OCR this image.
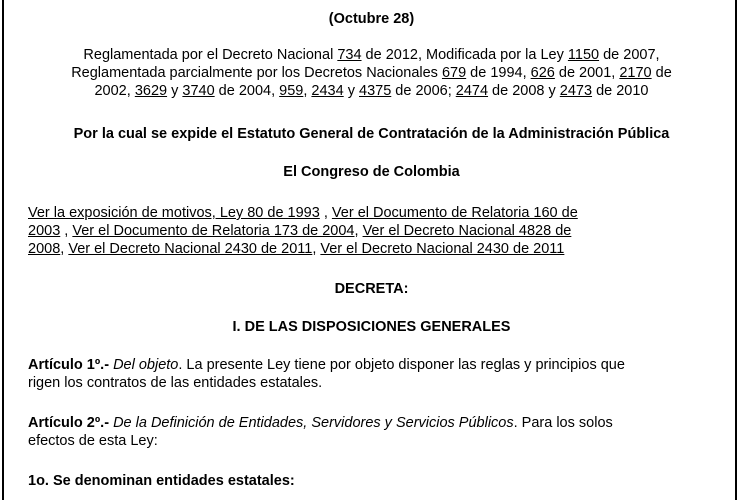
(Octubre 28)
Reglamentada por el Decreto Nacional 734 de 2012, Modificada por la Ley 1150 de 2007,
Reglamentada parcialmente por los Decretos Nacionales 679 de 1994, 626 de 2001, 2170 de
2002, 3629 y 3740 de 2004, 959, 2434 y 4375 de 2006; 2474 de 2008 y 2473 de 2010
Por la cual se expide el Estatuto General de Contratación de la Administración Pública
El Congreso de Colombia
Ver la exposición de motivos, Ley 80 de 1993 , Ver el Documento de Relatoria 160 de
2003 , Ver el Documento de Relatoria 173 de 2004, Ver el Decreto Nacional 4828 de
2008, Ver el Decreto Nacional 2430 de 2011, Ver el Decreto Nacional 2430 de 2011
DECRETA:
I. DE LAS DISPOSICIONES GENERALES
Artículo 1º.- Del objeto. La presente Ley tiene por objeto disponer las reglas y principios que
rigen los contratos de las entidades estatales.
Artículo 2º.- De la Definición de Entidades, Servidores y Servicios Públicos. Para los solos
efectos de esta Ley:
1o. Se denominan entidades estatales:
